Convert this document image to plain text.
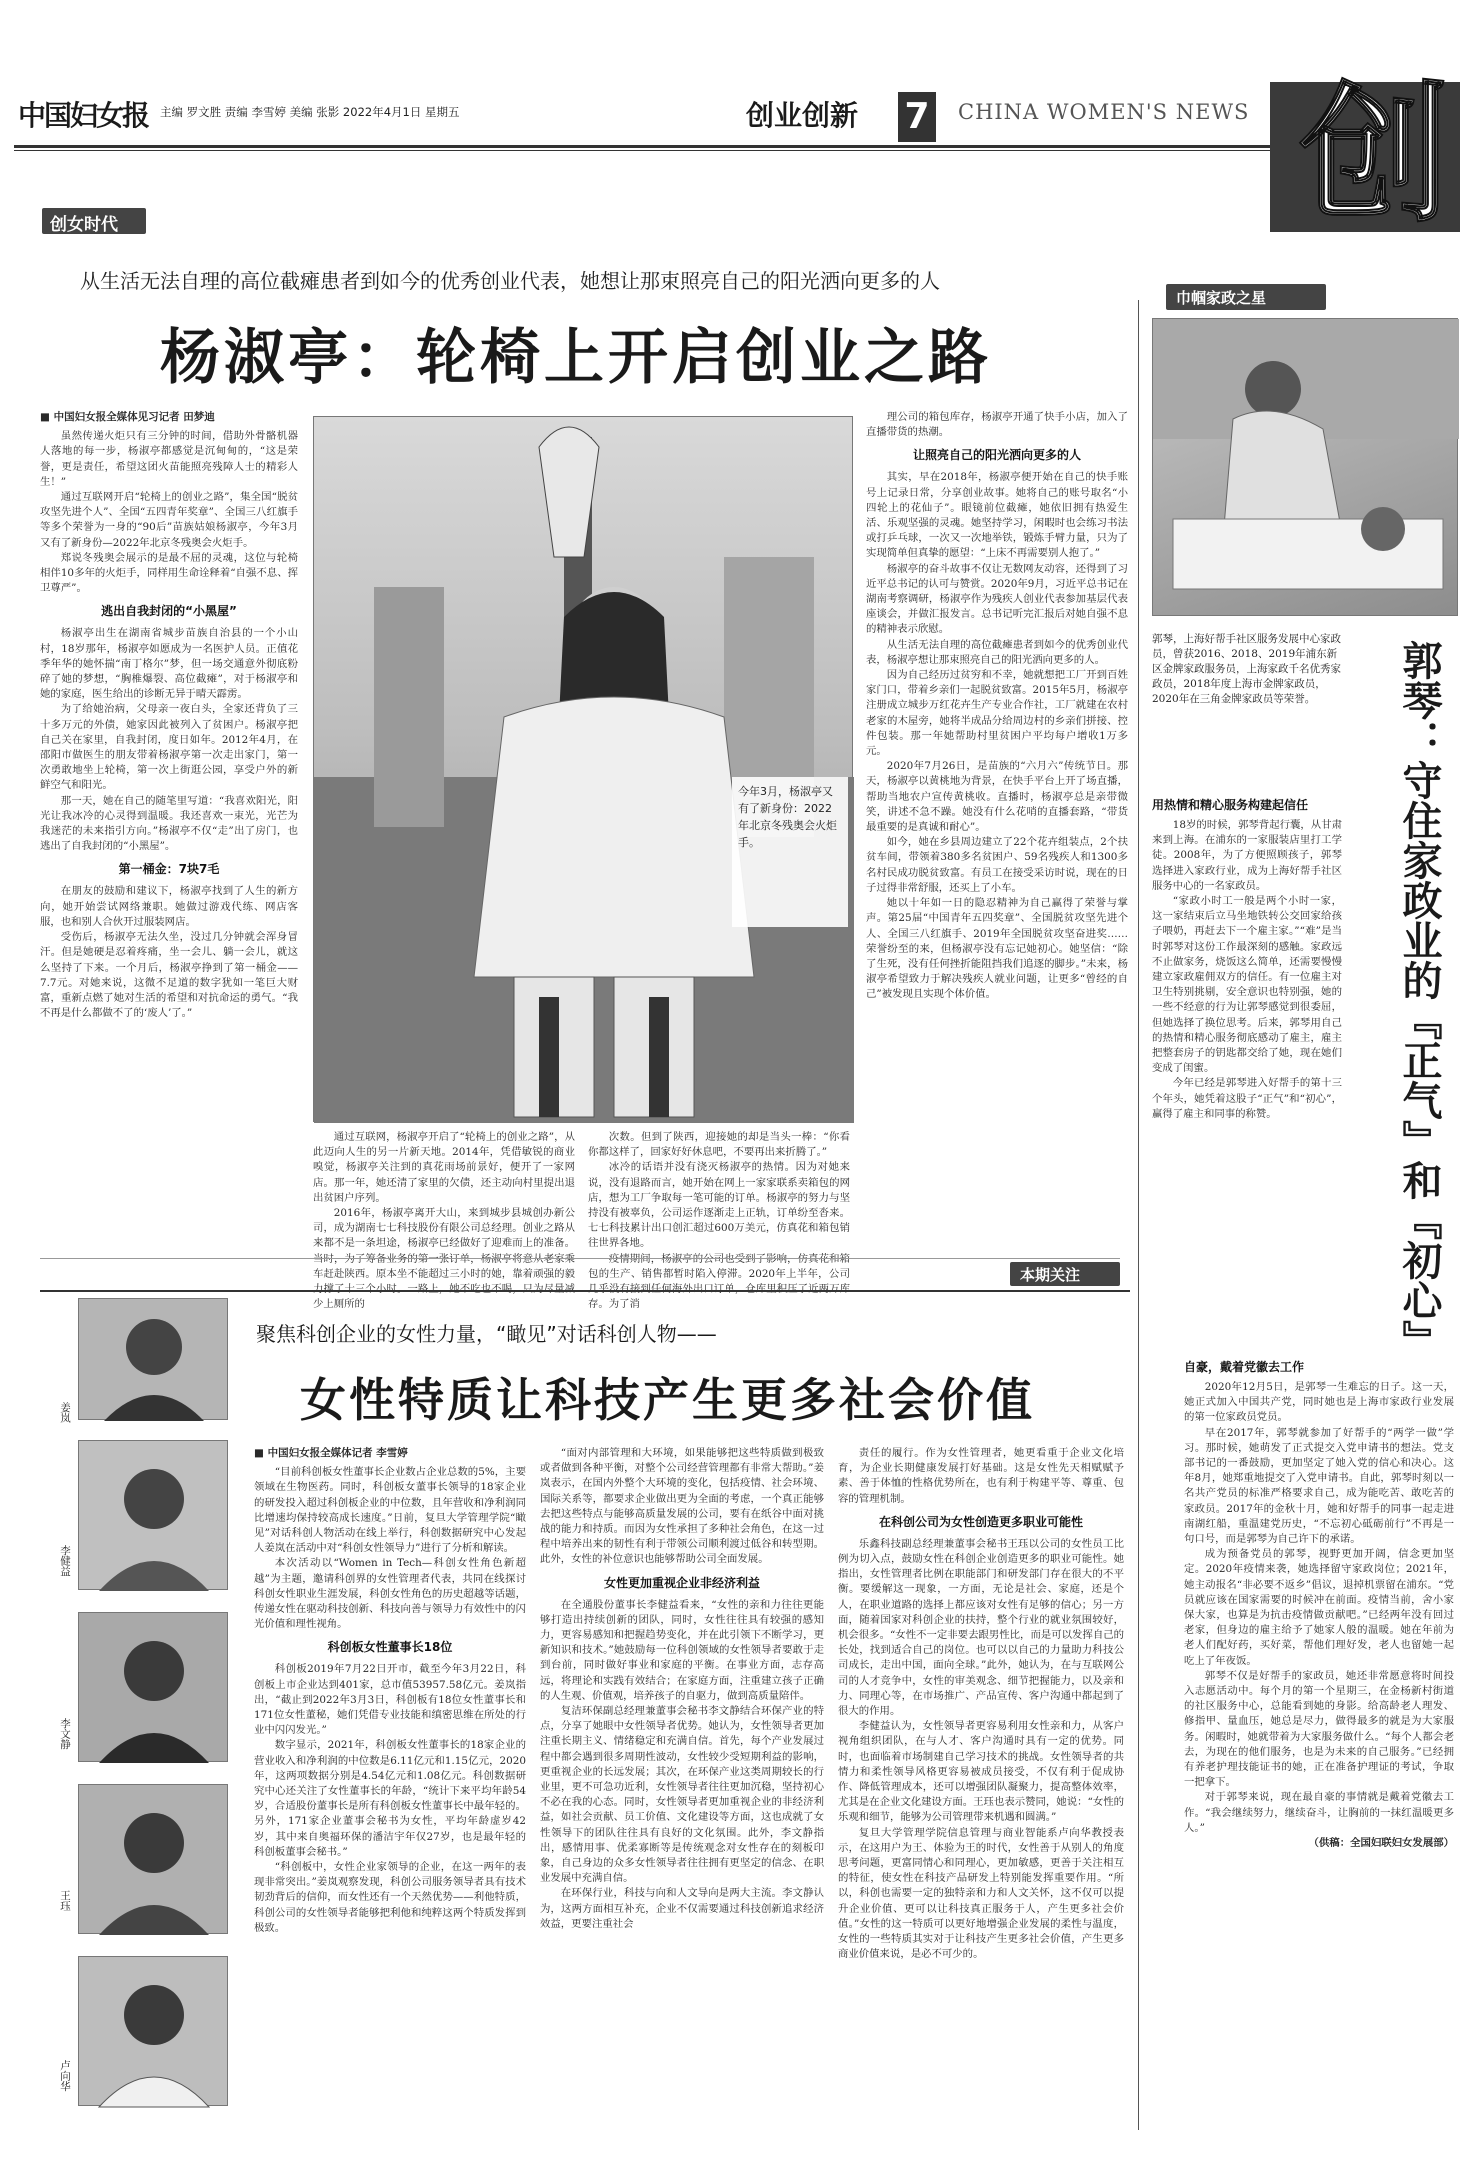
中国妇女报 主编 罗文胜 责编 李雪婷 美编 张影 2022年4月1日 星期五	创业创新 7	CHINA WOMEN'S NEWS 创
创女时代
从生活无法自理的高位截瘫患者到如今的优秀创业代表，她想让那束照亮自己的阳光洒向更多的人
杨淑亭：轮椅上开启创业之路

■ 中国妇女报全媒体见习记者 田梦迪

虽然传递火炬只有三分钟的时间，借助外骨骼机器人落地的每一步，杨淑亭都感觉是沉甸甸的，“这是荣誉，更是责任，希望这团火苗能照亮残障人士的精彩人生！”

通过互联网开启“轮椅上的创业之路”，集全国“脱贫攻坚先进个人”、全国“五四青年奖章”、全国三八红旗手等多个荣誉为一身的“90后”苗族姑娘杨淑亭，今年3月又有了新身份—2022年北京冬残奥会火炬手。

郑说冬残奥会展示的是最不屈的灵魂，这位与轮椅相伴10多年的火炬手，同样用生命诠释着“自强不息、挥卫尊严”。

逃出自我封闭的“小黑屋”

杨淑亭出生在湖南省城步苗族自治县的一个小山村，18岁那年，杨淑亭如愿成为一名医护人员。正值花季年华的她怀揣“南丁格尔”梦，但一场交通意外彻底粉碎了她的梦想，“胸椎爆裂、高位截瘫”，对于杨淑亭和她的家庭，医生给出的诊断无异于晴天霹雳。

为了给她治病，父母亲一夜白头，全家还背负了三十多万元的外债，她家因此被列入了贫困户。杨淑亭把自己关在家里，自我封闭，度日如年。2012年4月，在邵阳市做医生的朋友带着杨淑亭第一次走出家门，第一次勇敢地坐上轮椅，第一次上街逛公园，享受户外的新鲜空气和阳光。

那一天，她在自己的随笔里写道：“我喜欢阳光，阳光让我冰冷的心灵得到温暖。我还喜欢一束光，光芒为我迷茫的未来指引方向。”杨淑亭不仅“走”出了房门，也逃出了自我封闭的“小黑屋”。

第一桶金：7块7毛

在朋友的鼓励和建议下，杨淑亭找到了人生的新方向，她开始尝试网络兼职。她做过游戏代练、网店客服，也和别人合伙开过服装网店。

受伤后，杨淑亭无法久坐，没过几分钟就会浑身冒汗。但是她硬是忍着疼痛，坐一会儿、躺一会儿，就这么坚持了下来。一个月后，杨淑亭挣到了第一桶金——7.7元。对她来说，这微不足道的数字犹如一笔巨大财富，重新点燃了她对生活的希望和对抗命运的勇气。“我不再是什么都做不了的‘废人’了。”

今年3月，杨淑亭又有了新身份：2022年北京冬残奥会火炬手。

通过互联网，杨淑亭开启了“轮椅上的创业之路”，从此迈向人生的另一片新天地。2014年，凭借敏锐的商业嗅觉，杨淑亭关注到的真花雨场前景好，便开了一家网店。那一年，她还清了家里的欠债，还主动向村里提出退出贫困户序列。

2016年，杨淑亭离开大山，来到城步县城创办新公司，成为湖南七七科技股份有限公司总经理。创业之路从来都不是一条坦途，杨淑亭已经做好了迎难而上的准备。 车赶赴陕西。原本坐不能超过三小时的她，靠着顽强的毅 少上厕所的

次数。但到了陕西，迎接她的却是当头一棒：“你看你都这样了，回家好好休息吧，不要再出来折腾了。”

冰冷的话语并没有浇灭杨淑亭的热情。因为对她来说，没有退路而言，她开始在网上一家家联系卖箱包的网店，想为工厂争取每一笔可能的订单。杨淑亭的努力与坚持没有被辜负，公司运作逐渐走上正轨，订单纷至沓来。七七科技累计出口创汇超过600万美元，仿真花和箱包销往世界各地。

包的生产、销售都暂时陷入停滞。2020年上半年，公司 存。为了消

理公司的箱包库存，杨淑亭开通了快手小店，加入了直播带货的热潮。

让照亮自己的阳光洒向更多的人

其实，早在2018年，杨淑亭便开始在自己的快手账号上记录日常，分享创业故事。她将自己的账号取名“小四轮上的花仙子”。眼镜前位截瘫，她依旧拥有热爱生活、乐观坚强的灵魂。她坚持学习，闲暇时也会练习书法或打乒乓球，一次又一次地举铁，锻炼手臂力量，只为了实现简单但真挚的愿望：“上床不再需要别人抱了。”

杨淑亭的奋斗故事不仅让无数网友动容，还得到了习近平总书记的认可与赞赏。2020年9月，习近平总书记在湖南考察调研，杨淑亭作为残疾人创业代表参加基层代表座谈会，并做汇报发言。总书记听完汇报后对她自强不息的精神表示欣慰。

从生活无法自理的高位截瘫患者到如今的优秀创业代表，杨淑亭想让那束照亮自己的阳光洒向更多的人。

因为自己经历过贫穷和不幸，她就想把工厂开到百姓家门口，带着乡亲们一起脱贫致富。2015年5月，杨淑亭注册成立城步万红花卉生产专业合作社，工厂就建在农村老家的木屋旁，她将半成品分给周边村的乡亲们拼接、控件包装。那一年她帮助村里贫困户平均每户增收1万多元。

2020年7月26日，是苗族的“六月六”传统节日。那天，杨淑亭以黄桃地为背景，在快手平台上开了场直播，帮助当地农户宣传黄桃收。直播时，杨淑亭总是亲带微笑，讲述不急不躁。她没有什么花哨的直播套路，“带货最重要的是真诚和耐心”。

如今，她在乡县周边建立了22个花卉组装点，2个扶贫车间，带领着380多名贫困户、59名残疾人和1300多名村民成功脱贫致富。有员工在接受采访时说，现在的日子过得非常舒服，还买上了小车。

她以十年如一日的隐忍精神为自己赢得了荣誉与掌声。第25届“中国青年五四奖章”、全国脱贫攻坚先进个人、全国三八红旗手、2019年全国脱贫攻坚奋进奖……荣誉纷至的来，但杨淑亭没有忘记她初心。她坚信：“除了生死，没有任何挫折能阻挡我们追逐的脚步。”未来，杨淑亭希望致力于解决残疾人就业问题，让更多“曾经的自己”被发现且实现个体价值。

巾帼家政之星
郭琴，上海好帮手社区服务发展中心家政员，曾获2016、2018、2019年浦东新区金牌家政服务员，上海家政千名优秀家政员，2018年度上海市金牌家政员，2020年在三角金牌家政员等荣誉。	郭琴：守住家政业的『正气』和『初心』
用热情和精心服务构建起信任

18岁的时候，郭琴背起行囊，从甘肃来到上海。在浦东的一家服装店里打工学徒。2008年，为了方便照顾孩子，郭琴选择进入家政行业，成为上海好帮手社区服务中心的一名家政员。

“家政小时工一般是两个小时一家，这一家结束后立马坐地铁转公交回家给孩子喂奶，再赶去下一个雇主家。”“难”是当时郭琴对这份工作最深刻的感触。家政远不止做家务，烧饭这么简单，还需要慢慢建立家政雇佣双方的信任。有一位雇主对卫生特别挑剔，安全意识也特别强，她的一些不经意的行为让郭琴感觉到很委屈，但她选择了换位思考。后来，郭琴用自己的热情和精心服务彻底感动了雇主，雇主把整套房子的钥匙都交给了她，现在她们变成了闺蜜。

今年已经是郭琴进入好帮手的第十三个年头，她凭着这股子“正气”和“初心”，赢得了雇主和同事的称赞。

自豪，戴着党徽去工作

2020年12月5日，是郭琴一生难忘的日子。这一天，她正式加入中国共产党，同时她也是上海市家政行业发展的第一位家政员党员。

早在2017年，郭琴就参加了好帮手的“两学一做”学习。那时候，她萌发了正式提交入党申请书的想法。党支部书记的一番鼓励，更加坚定了她入党的信心和决心。这年8月，她郑重地提交了入党申请书。自此，郭琴时刻以一名共产党员的标准严格要求自己，成为能吃苦、敢吃苦的家政员。2017年的金秋十月，她和好帮手的同事一起走进南湖红船，重温建党历史，“不忘初心砥砺前行”不再是一句口号，而是郭琴为自己许下的承诺。

成为预备党员的郭琴，视野更加开阔，信念更加坚定。2020年疫情来袭，她选择留守家政岗位；2021年，她主动报名“非必要不返乡”倡议，退掉机票留在浦东。“党员就应该在国家需要的时候冲在前面。疫情当前，舍小家保大家，也算是为抗击疫情做贡献吧。”已经两年没有回过老家，但身边的雇主给予了她家人般的温暖。她在年前为老人们配好药，买好菜，帮他们理好发，老人也留她一起吃上了年夜饭。

郭琴不仅是好帮手的家政员，她还非常愿意将时间投入志愿活动中。每个月的第一个星期三，在金杨新村街道的社区服务中心，总能看到她的身影。给高龄老人理发、修指甲、量血压，她总是尽力，做得最多的就是为大家服务。闲暇时，她就带着为大家服务做什么。“每个人都会老去，为现在的他们服务，也是为未来的自己服务。”已经拥有养老护理技能证书的她，正在准备护理证的考试，争取一把拿下。

对于郭琴来说，现在最自豪的事情就是戴着党徽去工作。“我会继续努力，继续奋斗，让胸前的一抹红温暖更多人。”

（供稿：全国妇联妇女发展部）

本期关注
聚焦科创企业的女性力量，“瞰见”对话科创人物——
女性特质让科技产生更多社会价值
姜岚
李健益
李文静
王珏
卢向华

■ 中国妇女报全媒体记者 李雪婷

“目前科创板女性董事长企业数占企业总数的5%，主要领域在生物医药。同时，科创板女董事长领导的18家企业的研发投入超过科创板企业的中位数，且年营收和净利润同比增速均保持较高成长速度。”日前，复旦大学管理学院“瞰见”对话科创人物活动在线上举行，科创数据研究中心发起人姜岚在活动中对“科创女性领导力”进行了分析和解读。

本次活动以“Women in Tech—科创女性角色新超越”为主题，邀请科创界的女性管理者代表，共同在线探讨科创女性职业生涯发展，科创女性角色的历史超越等话题，传递女性在驱动科技创新、科技向善与领导力有效性中的闪光价值和理性视角。

科创板女性董事长18位

科创板2019年7月22日开市，截至今年3月22日，科创板上市企业达到401家，总市值53957.58亿元。姜岚指出，“截止到2022年3月3日，科创板有18位女性董事长和171位女性董秘，她们凭借专业技能和缜密思维在所处的行业中闪闪发光。”

数字显示，2021年，科创板女性董事长的18家企业的营业收入和净利润的中位数是6.11亿元和1.15亿元，2020年，这两项数据分别是4.54亿元和1.08亿元。科创数据研究中心还关注了女性董事长的年龄，“统计下来平均年龄54岁，合适股份董事长是所有科创板女性董事长中最年轻的。另外，171家企业董事会秘书为女性，平均年龄虚岁42岁，其中来自奥福环保的潘洁宇年仅27岁，也是最年轻的科创板董事会秘书。”

“科创板中，女性企业家领导的企业，在这一两年的表现非常突出。”姜岚观察发现，科创公司服务领导者具有技术韧劲背后的信仰，而女性还有一个天然优势——利他特质，科创公司的女性领导者能够把利他和纯粹这两个特质发挥到极致。

“面对内部管理和大环境，如果能够把这些特质做到极致或者做到各种平衡，对整个公司经营管理都有非常大帮助。”姜岚表示，在国内外整个大环境的变化，包括疫情、社会环境、国际关系等，都要求企业做出更为全面的考虑，一个真正能够去把这些特点与能够高质量发展的公司，要有在纸谷中面对挑战的能力和持质。而因为女性承担了多种社会角色，在这一过程中培养出来的韧性有利于带领公司顺利渡过低谷和转型期。此外，女性的补位意识也能够帮助公司全面发展。

女性更加重视企业非经济利益

在全通股份董事长李健益看来，“女性的亲和力往往更能够打造出持续创新的团队，同时，女性往往具有较强的感知力，更容易感知和把握趋势变化，并在此引领下不断学习，更新知识和技术。”她鼓励每一位科创领域的女性领导者要敢于走到台前，同时做好事业和家庭的平衡。在事业方面，志存高远，将理论和实践有效结合；在家庭方面，注重建立孩子正确的人生观、价值观，培养孩子的自驱力，做到高质量陪伴。

复洁环保副总经理兼董事会秘书李文静结合环保产业的特点，分享了她眼中女性领导者优势。她认为，女性领导者更加注重长期主义、情绪稳定和充满自信。首先，每个产业发展过程中都会遇到很多周期性波动，女性较少受短期利益的影响，更重视企业的长远发展；其次，在环保产业这类周期较长的行业里，更不可急功近利，女性领导者往往更加沉稳，坚持初心不必在我的心态。同时，女性领导者更加重视企业的非经济利益，如社会贡献、员工价值、文化建设等方面，这也成就了女性领导下的团队往往具有良好的文化氛围。此外，李文静指出，感情用事、优柔寡断等是传统观念对女性存在的刻板印象，自己身边的众多女性领导者往往拥有更坚定的信念、在职业发展中充满自信。

在环保行业，科技与向和人文导向是两大主流。李文静认为，这两方面相互补充，企业不仅需要通过科技创新追求经济效益，更要注重社会

责任的履行。作为女性管理者，她更看重于企业文化培育，为企业长期健康发展打好基础。这是女性先天相赋赋予素、善于体恤的性格优势所在，也有利于构建平等、尊重、包容的管理机制。

在科创公司为女性创造更多职业可能性

乐鑫科技副总经理兼董事会秘书王珏以公司的女性员工比例为切入点，鼓励女性在科创企业创造更多的职业可能性。她指出，女性管理者比例在职能部门和研发部门存在很大的不平衡。要缓解这一现象，一方面，无论是社会、家庭，还是个人，在职业道路的选择上都应该对女性有足够的信心；另一方面，随着国家对科创企业的扶持，整个行业的就业氛围较好，机会很多。“女性不一定非要去跟男性比，而是可以发挥自己的长处，找到适合自己的岗位。也可以以自己的力量助力科技公司成长，走出中国，面向全球。”此外，她认为，在与互联网公司的人才竞争中，女性的审美观念、细节把握能力，以及亲和力、同理心等，在市场推广、产品宣传、客户沟通中都起到了很大的作用。

李健益认为，女性领导者更容易利用女性亲和力，从客户视角组织团队，在与人才、客户沟通时具有一定的优势。同时，也面临着市场制建自己学习技术的挑战。女性领导者的共情力和柔性领导风格更容易被成员接受，不仅有利于促成协作、降低管理成本，还可以增强团队凝聚力，提高整体效率，尤其是在企业文化建设方面。王珏也表示赞同，她说：“女性的乐观和细节，能够为公司管理带来机遇和圆满。”

复旦大学管理学院信息管理与商业智能系卢向华教授表示，在这用户为王、体验为王的时代，女性善于从别人的角度思考问题，更富同情心和同理心，更加敏感，更善于关注相互的特征，使女性在科技产品研发上特别能发挥重要作用。“所以，科创也需要一定的独特亲和力和人文关怀，这不仅可以提升企业价值、更可以让科技真正服务于人，产生更多社会价值。”女性的这一特质可以更好地增强企业发展的柔性与温度，女性的一些特质其实对于让科技产生更多社会价值，产生更多商业价值来说，是必不可少的。
